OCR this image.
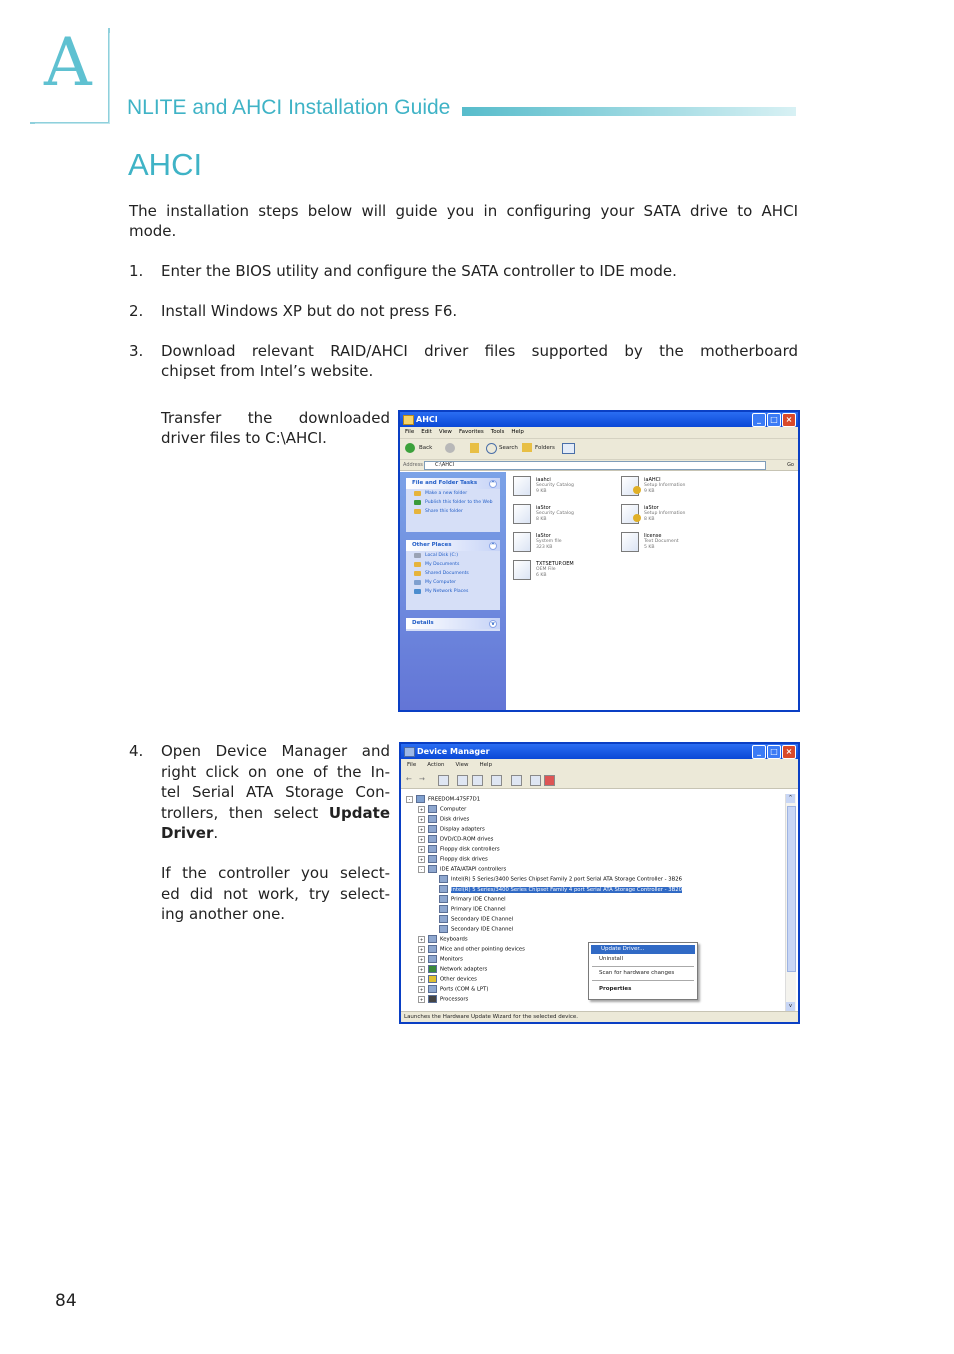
A
NLITE and AHCI Installation Guide
AHCI
The installation steps below will guide you in configuring your SATA drive to AHCI
mode.
1. Enter the BIOS utility and configure the SATA controller to IDE mode.
2. Install Windows XP but do not press F6.
3. Download relevant RAID/AHCI driver files supported by the motherboard
chipset from Intel’s website.
Transfer the downloaded
driver files to C:\AHCI.
4. Open Device Manager and
right click on one of the In-
tel Serial ATA Storage Con-
trollers, then select Update
Driver.
If the controller you select-
ed did not work, try select-
ing another one.
AHCI	_	□ ×
File Edit View Favorites Tools Help
Back	Search	Folders
Address	C:\AHCI	Go
File and Folder Tasks	^
Make a new folder
Publish this folder to the Web
Share this folder
Other Places	^
Local Disk (C:)
My Documents
Shared Documents
My Computer
My Network Places
Details	v
iaahci
Security Catalog
9 KB
iaAHCI
Setup Information
9 KB
iaStor
Security Catalog
8 KB
iaStor
Setup Information
8 KB
IaStor
System file
323 KB
license
Text Document
5 KB
TXTSETUP.OEM
OEM File
6 KB
Device Manager	_	□ ×
File Action View Help
←	→
-	FREEDOM-475F7D1
+	Computer
+	Disk drives
+	Display adapters
+	DVD/CD-ROM drives
+	Floppy disk controllers
+	Floppy disk drives
-	IDE ATA/ATAPI controllers
Intel(R) 5 Series/3400 Series Chipset Family 2 port Serial ATA Storage Controller - 3B26
Intel(R) 5 Series/3400 Series Chipset Family 4 port Serial ATA Storage Controller - 3B20
Primary IDE Channel
Primary IDE Channel
Secondary IDE Channel
Secondary IDE Channel
+	Keyboards
+	Mice and other pointing devices
+	Monitors
+	Network adapters
+	Other devices
+	Ports (COM & LPT)
+	Processors
Update Driver...
Uninstall
Scan for hardware changes
Properties
^
v
Launches the Hardware Update Wizard for the selected device.
84
